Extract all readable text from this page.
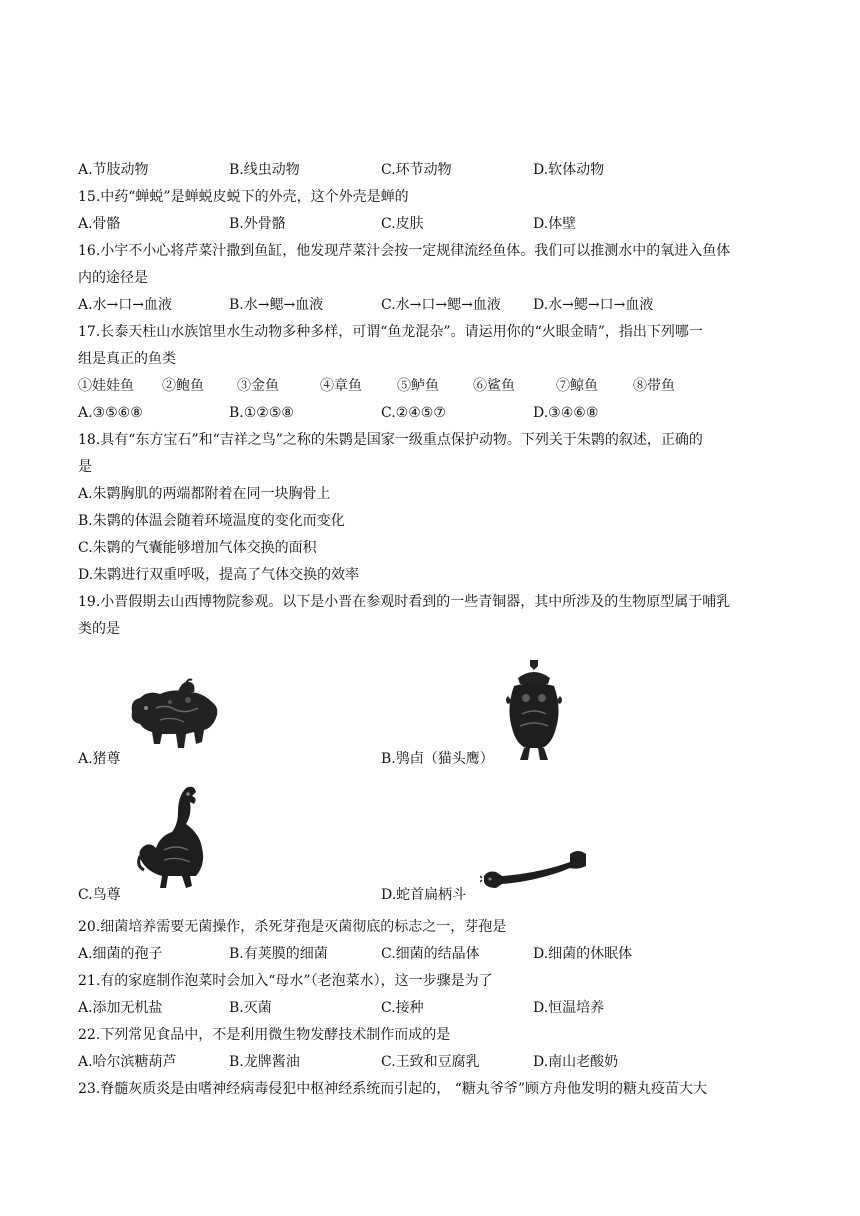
A.节肢动物	B.线虫动物	C.环节动物	D.软体动物
15.中药“蝉蜕”是蝉蜕皮蜕下的外壳，这个外壳是蝉的
A.骨骼	B.外骨骼	C.皮肤	D.体壁
16.小宇不小心将芹菜汁撒到鱼缸，他发现芹菜汁会按一定规律流经鱼体。我们可以推测水中的氧进入鱼体
内的途径是
A.水→口→血液	B.水→鳃→血液	C.水→口→鳃→血液 D.水→鳃→口→血液
17.长泰天柱山水族馆里水生动物多种多样，可谓“鱼龙混杂”。请运用你的“火眼金睛”，指出下列哪一
组是真正的鱼类
①娃娃鱼 ②鲍鱼 ③金鱼	④章鱼	⑤鲈鱼 ⑥鲨鱼	⑦鲸鱼	⑧带鱼
A.③⑤⑥⑧	B.①②⑤⑧	C.②④⑤⑦	D.③④⑥⑧
18.具有“东方宝石”和“吉祥之鸟”之称的朱鹮是国家一级重点保护动物。下列关于朱鹮的叙述，正确的
是
A.朱鹮胸肌的两端都附着在同一块胸骨上
B.朱鹮的体温会随着环境温度的变化而变化
C.朱鹮的气囊能够增加气体交换的面积
D.朱鹮进行双重呼吸，提高了气体交换的效率
19.小晋假期去山西博物院参观。以下是小晋在参观时看到的一些青铜器，其中所涉及的生物原型属于哺乳
类的是
A.猪尊	B.鸮卣（猫头鹰）
C.鸟尊	D.蛇首扁柄斗
20.细菌培养需要无菌操作，杀死芽孢是灭菌彻底的标志之一，芽孢是
A.细菌的孢子	B.有荚膜的细菌	C.细菌的结晶体	D.细菌的休眠体
21.有的家庭制作泡菜时会加入“母水”（老泡菜水），这一步骤是为了
A.添加无机盐	B.灭菌	C.接种	D.恒温培养
22.下列常见食品中，不是利用微生物发酵技术制作而成的是
A.哈尔滨糖葫芦	B.龙牌酱油	C.王致和豆腐乳	D.南山老酸奶
23.脊髓灰质炎是由嗜神经病毒侵犯中枢神经系统而引起的， “糖丸爷爷”顾方舟他发明的糖丸疫苗大大
